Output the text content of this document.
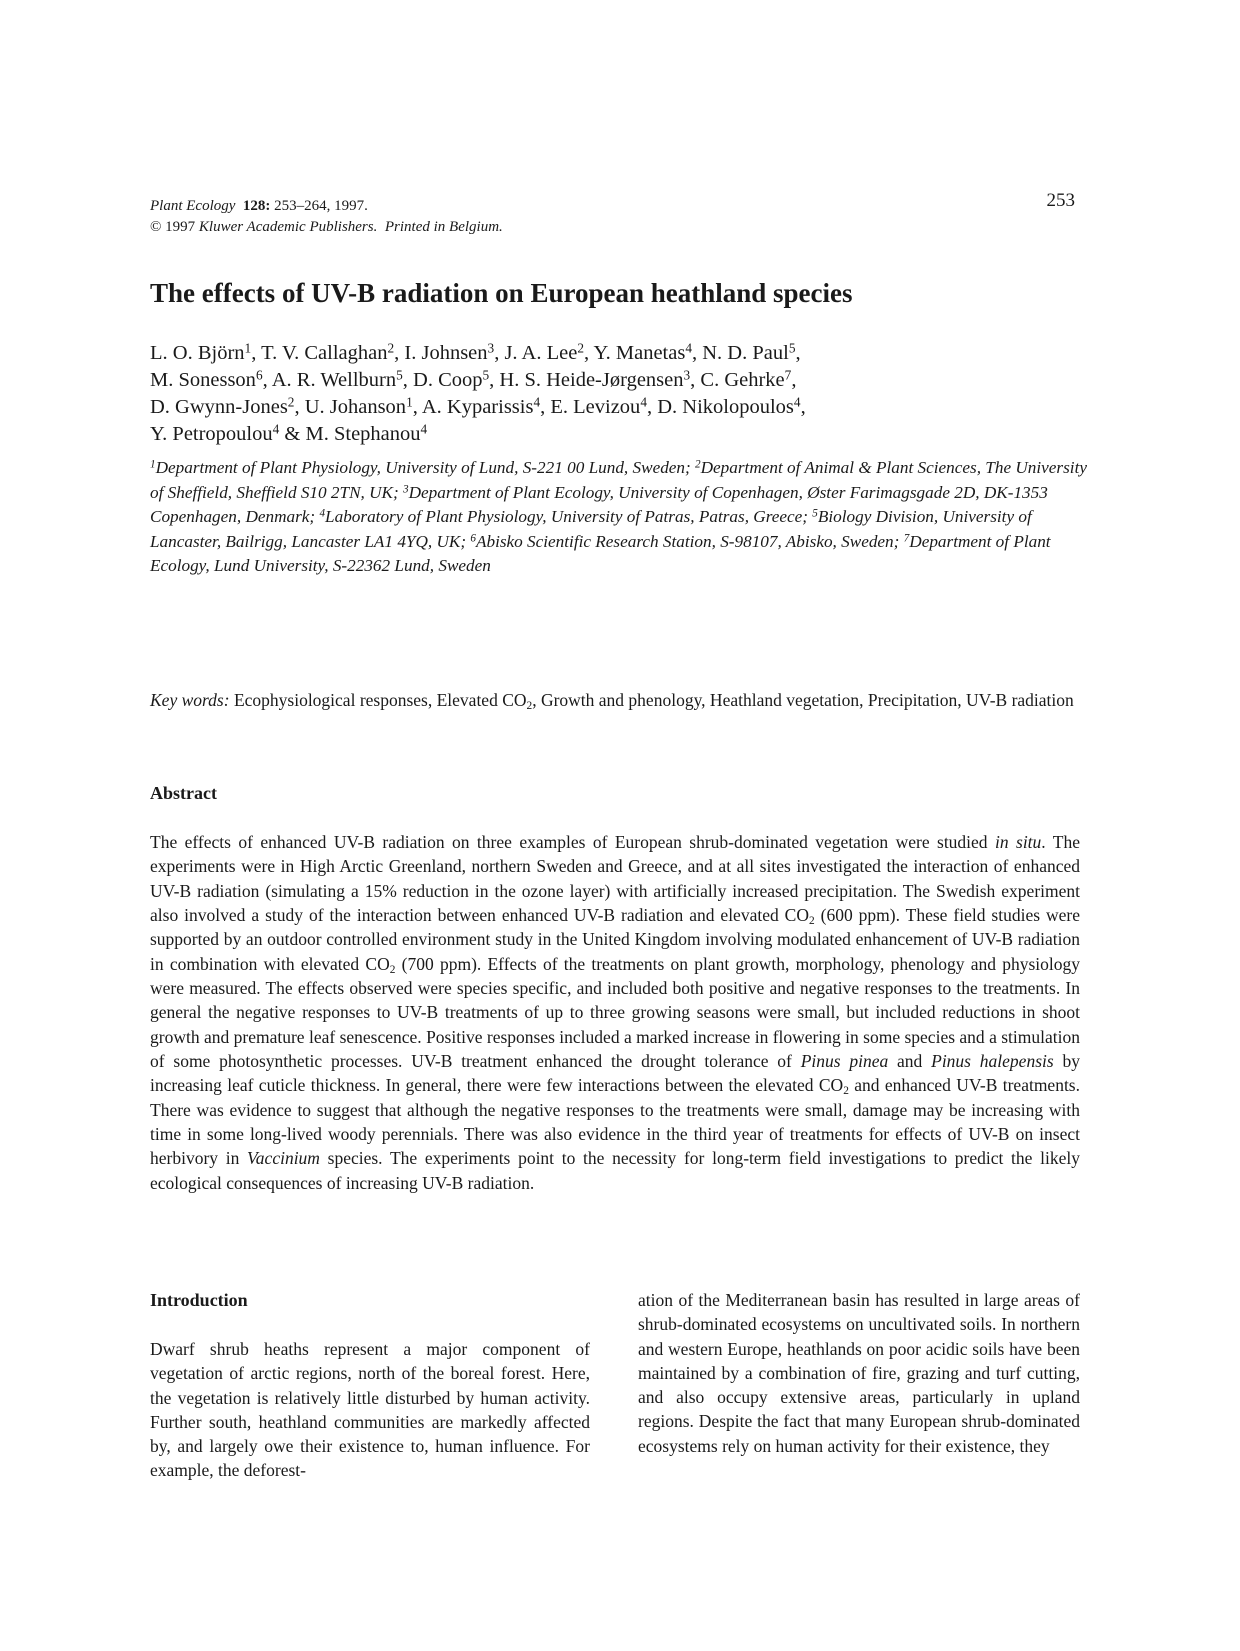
Plant Ecology 128: 253–264, 1997.
© 1997 Kluwer Academic Publishers. Printed in Belgium.
253
The effects of UV-B radiation on European heathland species
L. O. Björn$^1$, T. V. Callaghan$^2$, I. Johnsen$^3$, J. A. Lee$^2$, Y. Manetas$^4$, N. D. Paul$^5$,
M. Sonesson$^6$, A. R. Wellburn$^5$, D. Coop$^5$, H. S. Heide-Jørgensen$^3$, C. Gehrke$^7$,
D. Gwynn-Jones$^2$, U. Johanson$^1$, A. Kyparissis$^4$, E. Levizou$^4$, D. Nikolopoulos$^4$,
Y. Petropoulou$^4$ & M. Stephanou$^4$
$^1$Department of Plant Physiology, University of Lund, S-221 00 Lund, Sweden; $^2$Department of Animal & Plant Sciences, The University of Sheffield, Sheffield S10 2TN, UK; $^3$Department of Plant Ecology, University of Copenhagen, Øster Farimagsgade 2D, DK-1353 Copenhagen, Denmark; $^4$Laboratory of Plant Physiology, University of Patras, Patras, Greece; $^5$Biology Division, University of Lancaster, Bailrigg, Lancaster LA1 4YQ, UK; $^6$Abisko Scientific Research Station, S-98107, Abisko, Sweden; $^7$Department of Plant Ecology, Lund University, S-22362 Lund, Sweden
Key words: Ecophysiological responses, Elevated $CO_2$, Growth and phenology, Heathland vegetation, Precipitation, UV-B radiation
Abstract
The effects of enhanced UV-B radiation on three examples of European shrub-dominated vegetation were studied in situ. The experiments were in High Arctic Greenland, northern Sweden and Greece, and at all sites investigated the interaction of enhanced UV-B radiation (simulating a 15% reduction in the ozone layer) with artificially increased precipitation. The Swedish experiment also involved a study of the interaction between enhanced UV-B radiation and elevated $CO_2$ (600 ppm). These field studies were supported by an outdoor controlled environment study in the United Kingdom involving modulated enhancement of UV-B radiation in combination with elevated $CO_2$ (700 ppm). Effects of the treatments on plant growth, morphology, phenology and physiology were measured. The effects observed were species specific, and included both positive and negative responses to the treatments. In general the negative responses to UV-B treatments of up to three growing seasons were small, but included reductions in shoot growth and premature leaf senescence. Positive responses included a marked increase in flowering in some species and a stimulation of some photosynthetic processes. UV-B treatment enhanced the drought tolerance of Pinus pinea and Pinus halepensis by increasing leaf cuticle thickness. In general, there were few interactions between the elevated $CO_2$ and enhanced UV-B treatments. There was evidence to suggest that although the negative responses to the treatments were small, damage may be increasing with time in some long-lived woody perennials. There was also evidence in the third year of treatments for effects of UV-B on insect herbivory in Vaccinium species. The experiments point to the necessity for long-term field investigations to predict the likely ecological consequences of increasing UV-B radiation.
Introduction
Dwarf shrub heaths represent a major component of vegetation of arctic regions, north of the boreal forest. Here, the vegetation is relatively little disturbed by human activity. Further south, heathland communities are markedly affected by, and largely owe their existence to, human influence. For example, the deforest-
ation of the Mediterranean basin has resulted in large areas of shrub-dominated ecosystems on uncultivated soils. In northern and western Europe, heathlands on poor acidic soils have been maintained by a combination of fire, grazing and turf cutting, and also occupy extensive areas, particularly in upland regions. Despite the fact that many European shrub-dominated ecosystems rely on human activity for their existence, they
